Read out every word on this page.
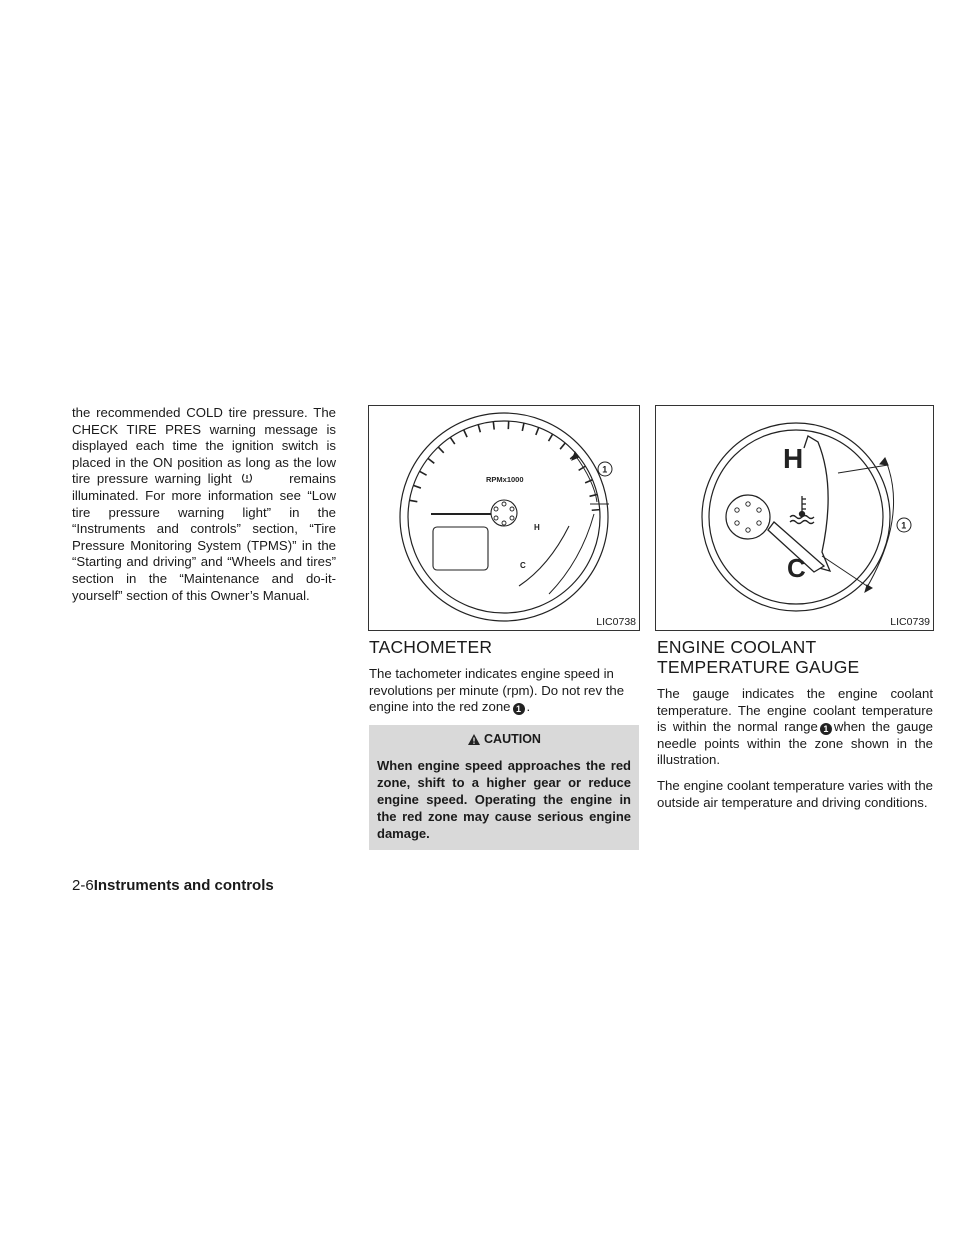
the recommended COLD tire pressure. The CHECK TIRE PRES warning message is displayed each time the ignition switch is placed in the ON position as long as the low tire pressure warning light	remains illuminated. For more information see “Low tire pressure warning light” in the “Instruments and controls” section, “Tire Pressure Monitoring System (TPMS)” in the “Starting and driving” and “Wheels and tires” section in the “Maintenance and do-it-yourself” section of this Owner’s Manual.

RPMx1000
H
C
1
LIC0738
H
C
1
LIC0739
TACHOMETER

The tachometer indicates engine speed in revolutions per minute (rpm). Do not rev the engine into the red zone 1 .

CAUTION
When engine speed approaches the red zone, shift to a higher gear or reduce engine speed. Operating the engine in the red zone may cause serious engine damage.
ENGINE COOLANT TEMPERATURE GAUGE

The gauge indicates the engine coolant temperature. The engine coolant temperature is within the normal range 1 when the gauge needle points within the zone shown in the illustration.

The engine coolant temperature varies with the outside air temperature and driving conditions.

2-6Instruments and controls
